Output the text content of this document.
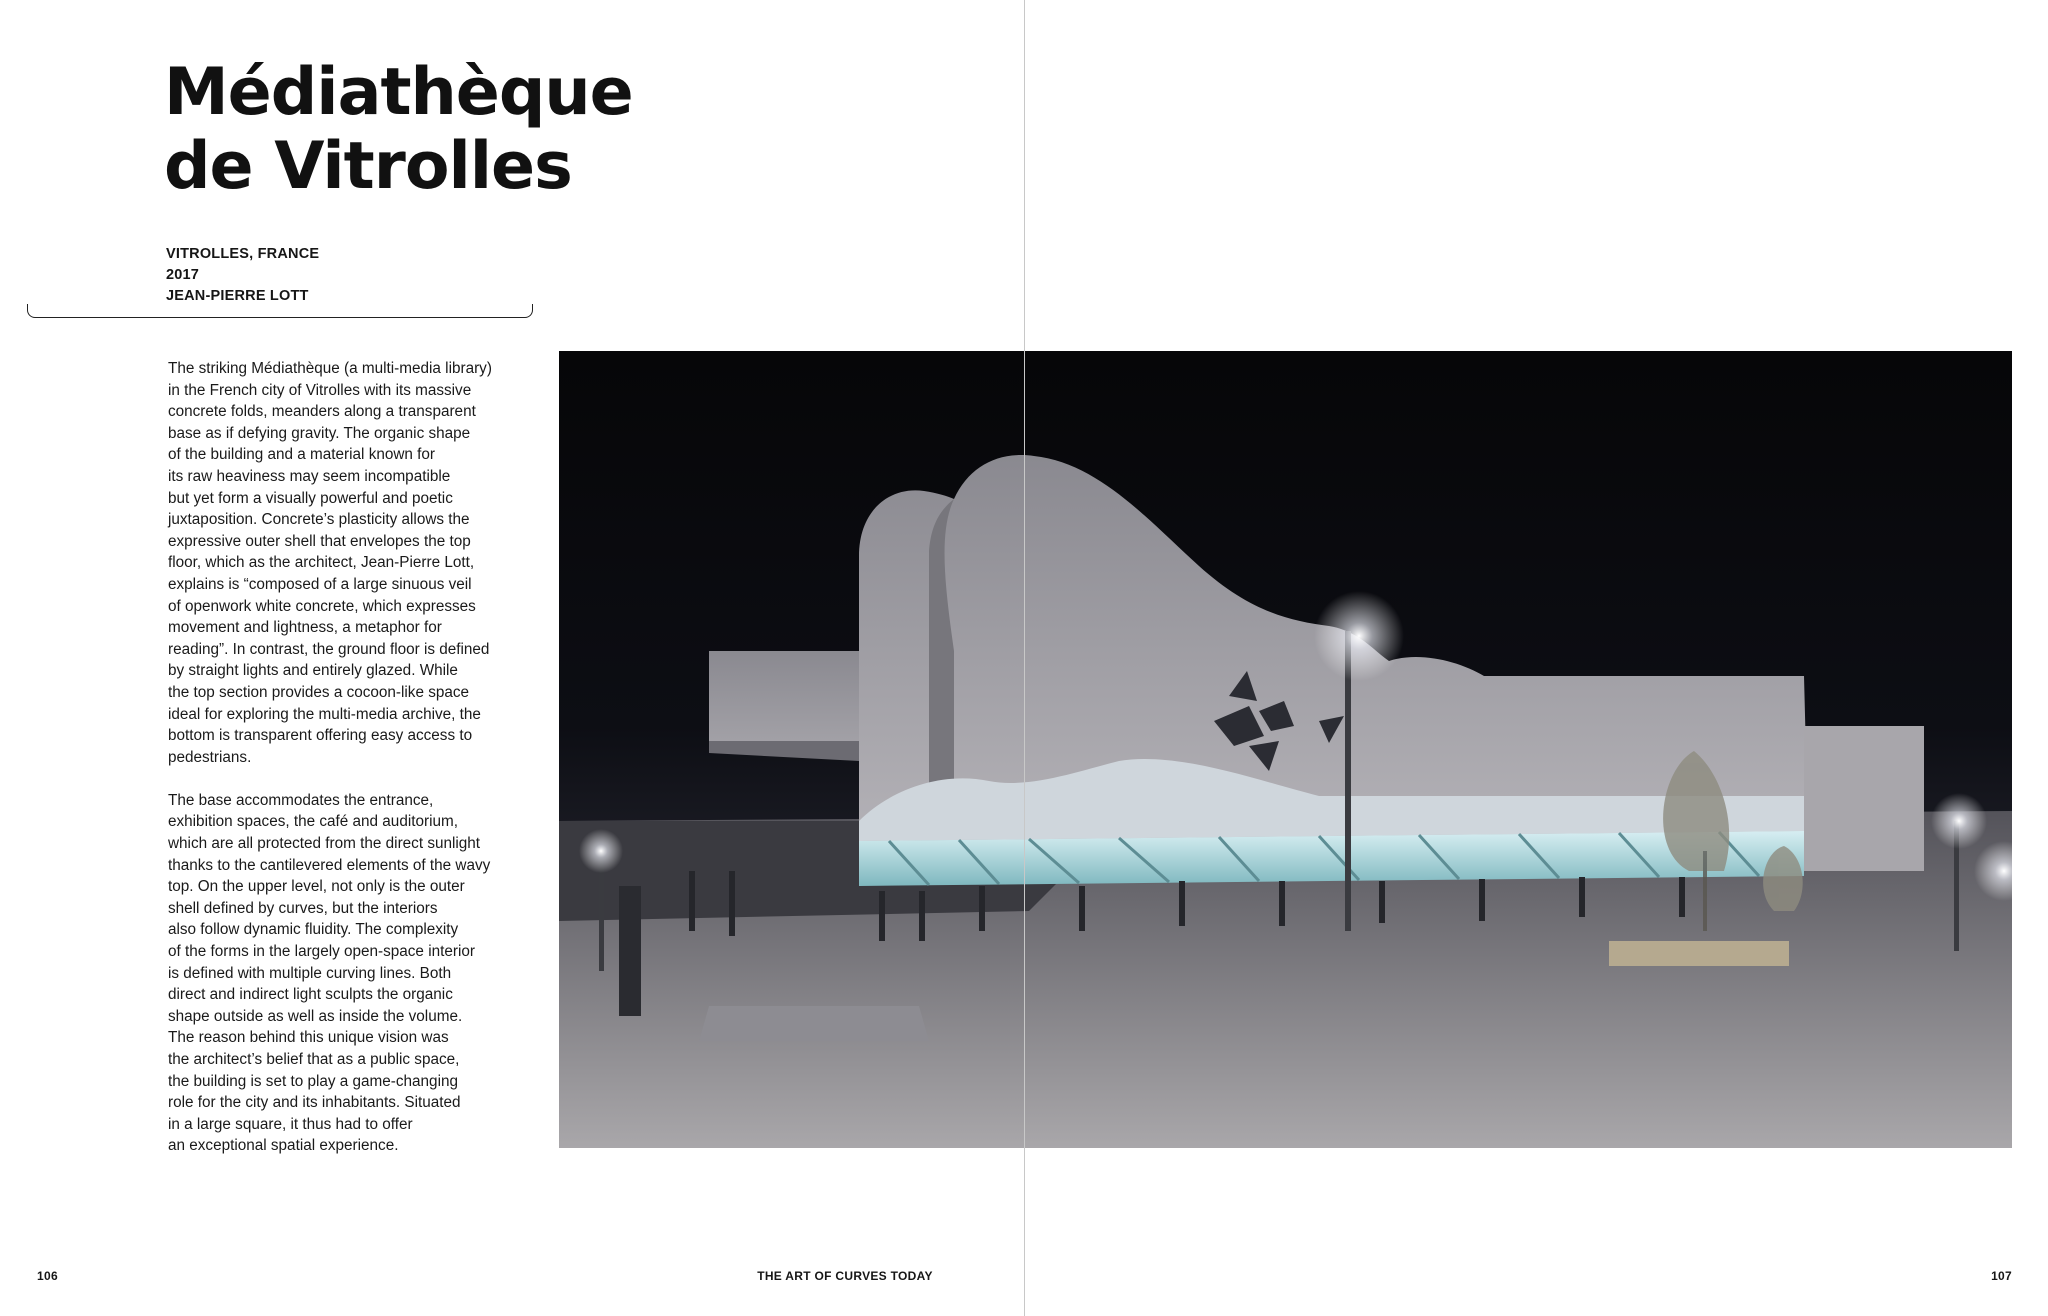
Médiathèque
de Vitrolles
VITROLLES, FRANCE
2017
JEAN-PIERRE LOTT

The striking Médiathèque (a multi-media library)
in the French city of Vitrolles with its massive
concrete folds, meanders along a transparent
base as if defying gravity. The organic shape
of the building and a material known for
its raw heaviness may seem incompatible
but yet form a visually powerful and poetic
juxtaposition. Concrete’s plasticity allows the
expressive outer shell that envelopes the top
floor, which as the architect, Jean-Pierre Lott,
explains is “composed of a large sinuous veil
of openwork white concrete, which expresses
movement and lightness, a metaphor for
reading”. In contrast, the ground floor is defined
by straight lights and entirely glazed. While
the top section provides a cocoon-like space
ideal for exploring the multi-media archive, the
bottom is transparent offering easy access to
pedestrians.

The base accommodates the entrance,
exhibition spaces, the café and auditorium,
which are all protected from the direct sunlight
thanks to the cantilevered elements of the wavy
top. On the upper level, not only is the outer
shell defined by curves, but the interiors
also follow dynamic fluidity. The complexity
of the forms in the largely open-space interior
is defined with multiple curving lines. Both
direct and indirect light sculpts the organic
shape outside as well as inside the volume.
The reason behind this unique vision was
the architect’s belief that as a public space,
the building is set to play a game-changing
role for the city and its inhabitants. Situated
in a large square, it thus had to offer
an exceptional spatial experience.

106	THE ART OF CURVES TODAY	107
